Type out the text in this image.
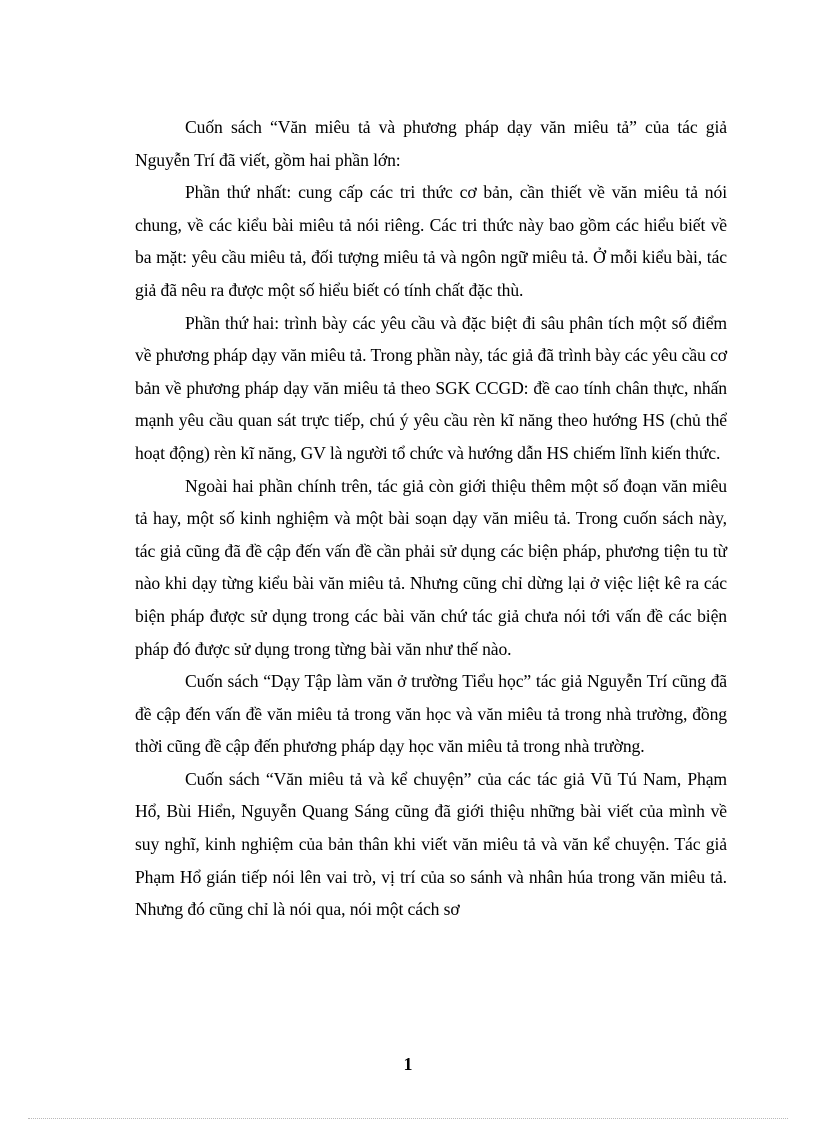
Cuốn sách “Văn miêu tả và phương pháp dạy văn miêu tả” của tác giả Nguyễn Trí đã viết, gồm hai phần lớn:

Phần thứ nhất: cung cấp các tri thức cơ bản, cần thiết về văn miêu tả nói chung, về các kiểu bài miêu tả nói riêng. Các tri thức này bao gồm các hiểu biết về ba mặt: yêu cầu miêu tả, đối tượng miêu tả và ngôn ngữ miêu tả. Ở mỗi kiểu bài, tác giả đã nêu ra được một số hiểu biết có tính chất đặc thù.

Phần thứ hai: trình bày các yêu cầu và đặc biệt đi sâu phân tích một số điểm về phương pháp dạy văn miêu tả. Trong phần này, tác giả đã trình bày các yêu cầu cơ bản về phương pháp dạy văn miêu tả theo SGK CCGD: đề cao tính chân thực, nhấn mạnh yêu cầu quan sát trực tiếp, chú ý yêu cầu rèn kĩ năng theo hướng HS (chủ thể hoạt động) rèn kĩ năng, GV là người tổ chức và hướng dẫn HS chiếm lĩnh kiến thức.

Ngoài hai phần chính trên, tác giả còn giới thiệu thêm một số đoạn văn miêu tả hay, một số kinh nghiệm và một bài soạn dạy văn miêu tả. Trong cuốn sách này, tác giả cũng đã đề cập đến vấn đề cần phải sử dụng các biện pháp, phương tiện tu từ nào khi dạy từng kiểu bài văn miêu tả. Nhưng cũng chỉ dừng lại ở việc liệt kê ra các biện pháp được sử dụng trong các bài văn chứ tác giả chưa nói tới vấn đề các biện pháp đó được sử dụng trong từng bài văn như thế nào.

Cuốn sách “Dạy Tập làm văn ở trường Tiểu học” tác giả Nguyễn Trí cũng đã đề cập đến vấn đề văn miêu tả trong văn học và văn miêu tả trong nhà trường, đồng thời cũng đề cập đến phương pháp dạy học văn miêu tả trong nhà trường.

Cuốn sách “Văn miêu tả và kể chuyện” của các tác giả Vũ Tú Nam, Phạm Hổ, Bùi Hiển, Nguyễn Quang Sáng cũng đã giới thiệu những bài viết của mình về suy nghĩ, kinh nghiệm của bản thân khi viết văn miêu tả và văn kể chuyện. Tác giả Phạm Hổ gián tiếp nói lên vai trò, vị trí của so sánh và nhân húa trong văn miêu tả. Nhưng đó cũng chỉ là nói qua, nói một cách sơ

1
